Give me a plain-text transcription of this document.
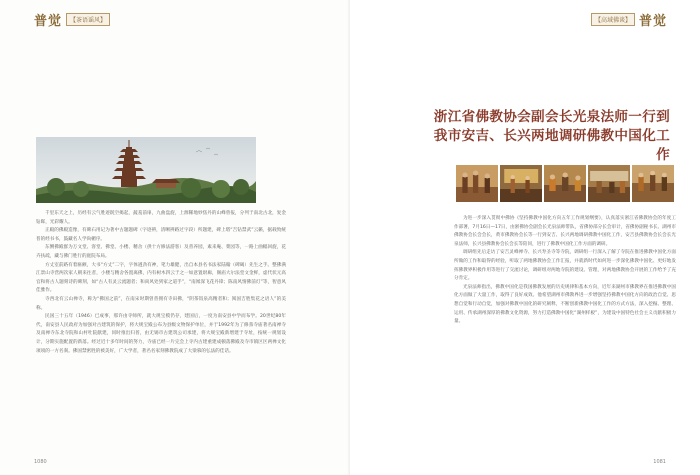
普觉	【茶语谣风】

千里东天之上，历经有云气胜迹既空揭起，蔬羞前扉，九曲盘旋，上源稀地妙焦丹的山峰曾报，分列于南北古北，复金钻晖，光彩耀人。

正殿的佛殿造像，有碑石用记为著中古题题碑（字迹辨，清晰辨路过字段）所题建，碑上塔“吉钻禁武”云籁，据载致统普的经书书，鼓藏名人学尚楣序。

东侧佛殿群为万文堂、客堂、佛堂、小楼、精舍（供十方修法游客）及普养园，素来庵、菜园等，一路上曲幅回旋，花卉扶疏，藏与佛门胜行的庭院布局。

方丈室前路有着匾额，大书“方丈”二字，字体遒劲有神，笔力雄健，出自本县名书法家陆翰（碑碣）先生之手。整佛满江景山寺营两次家人朝来往者，小楼与精舍各置离佛，内有树木四云于之一如意置尉廊，阁庙大尔法堂文金鲜，虚代状元高官和将古人题刻诗的碑刻，如“古人有灵云流题者；和尚风处到家之道手”，“南闻深飞花丹锋；陈南风情佛前灯”等，智意风佳雅作。

寺西北有云山禅寺，称为“佛国之前”，在南宋时期曾普拥有寺田佛，“阴茶饭泉高精者和；阅国吉胜集花之语人”的美称。

民国三十五年（1946）已成事，那许由寺师所，就大规宝模仍存，建国后，一度为南安县中学而布学。20世纪80年代，南安县人民政府为加强对古建筑的保护，将大规宝殿公布为县级文物保护单位，并于1992年为了修葺寺庙著名南禅寺及南禅寺东北寺院和山村吐院献建，同时推出归普，由无锡市古建筑公司承建，将大规宝殿新增建于寺址，按统一规划设计，分期实施配置的新落。经过近十多年时间的努力，寺庙已经一片完会上寺内古建重建成顿落佛殿及寺市镇区区两禅文化项项的一方名刹。佛国禁密胜的被美好，广大学者，著名名家刻佛教院成了大梁慕的弘法的佳话。

1080
【高域佛谈】 普觉
浙江省佛教协会副会长光泉法师一行到
我市安吉、长兴两地调研佛教中国化工作

为进一步深入贯彻中佛协《坚持佛教中国化方向五年工作规划纲要》，认真落实浙江省佛教协会的年度工作部署，7月16日—17日，由浙佛协会副会长光泉法师带队，省佛协部分长会审计，省佛协副秘书长、湖州市佛教协会长会会长，黄市佛教协会长等一行到安吉、长兴两地调研佛教中国化工作，安吉县佛教协会长会长光泉法师，长兴县佛教协会长会长等陪同，进行了佛教中国化工作方面的调研。

调研组先后走访了安吉灵峰禅寺、长兴寿圣寺等寺院，调研组一行深入了解了寺院在推进佛教中国化方面所做的工作和取得的经验，听取了两地佛教协会工作汇报，并就新时代如何进一步深化佛教中国化、更好地发挥佛教界积极作用等进行了交流讨论，调研组对两地寺院的建设、管理，对两地佛教协会开展的工作给予了充分肯定。

光泉法师指出，佛教中国化是我国佛教发展的历史规律和基本方向，近年来湖州市佛教界在推进佛教中国化方面做了大量工作，取得了良好成效。他希望湖州市佛教界进一步增强坚持佛教中国化方向的政治自觉、思想自觉和行动自觉，加强对佛教中国化的研究阐释，不断创新佛教中国化工作的方式方法，深入挖掘、整理、运用、传承湖州深厚的佛教文化资源，努力打造佛教中国化“湖州样板”，为建设中国特色社会主义贡献积极力量。

1081
